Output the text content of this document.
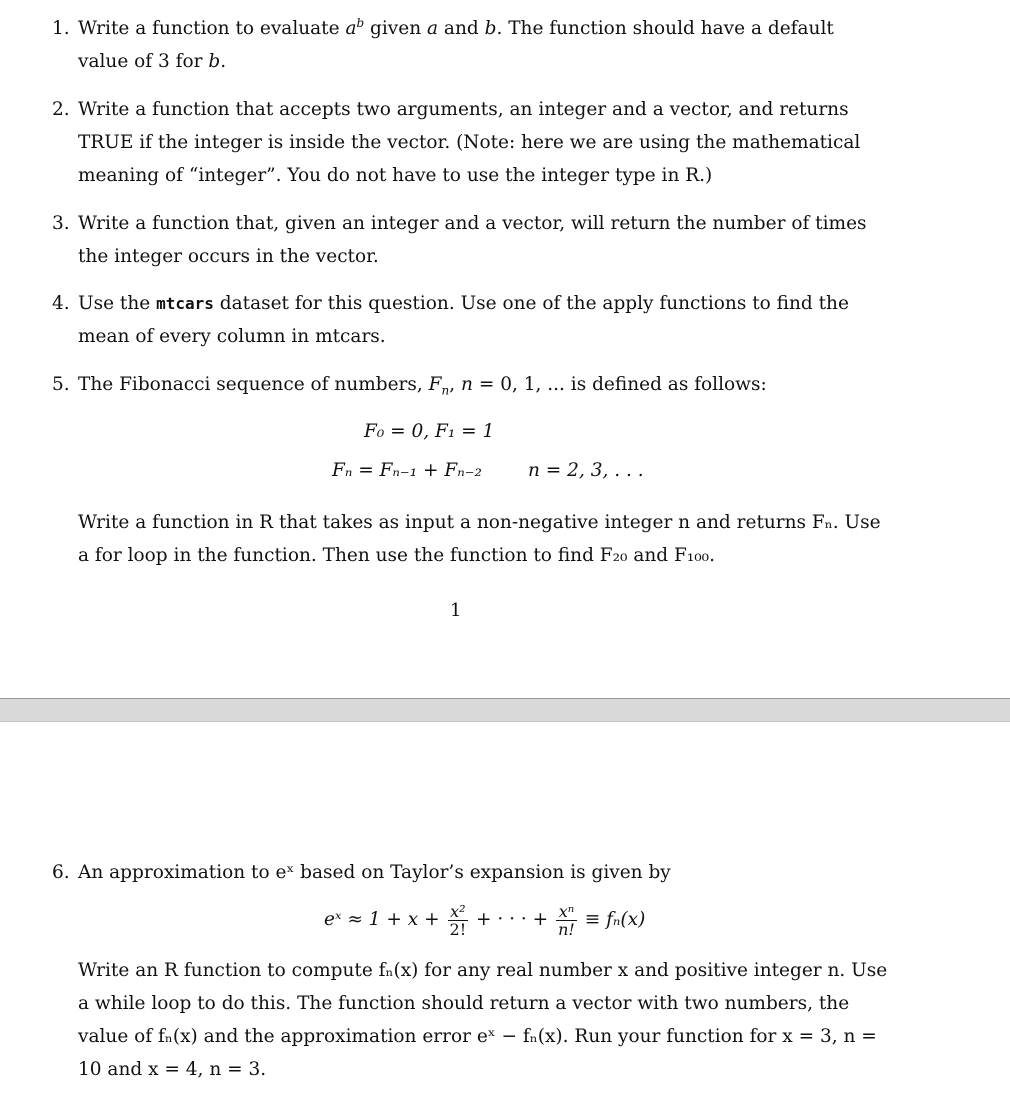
1. Write a function to evaluate $a^b$ given a and b. The function should have a default value of 3 for b.
2. Write a function that accepts two arguments, an integer and a vector, and returns TRUE if the integer is inside the vector. (Note: here we are using the mathematical meaning of “integer”. You do not have to use the integer type in R.)
3. Write a function that, given an integer and a vector, will return the number of times the integer occurs in the vector.
4. Use the mtcars dataset for this question. Use one of the apply functions to find the mean of every column in mtcars.
5. The Fibonacci sequence of numbers, $F_n$, n = 0, 1, ... is defined as follows:
F₀ = 0, F₁ = 1
Fₙ = Fₙ₋₁ + Fₙ₋₂ n = 2, 3, . . .
Write a function in R that takes as input a non-negative integer n and returns Fₙ. Use a for loop in the function. Then use the function to find F₂₀ and F₁₀₀.
1
6. An approximation to eˣ based on Taylor’s expansion is given by
eˣ ≈ $1 + x + \frac{\text{x²}}{2!}$ + · · · + $\frac{\text{xⁿ}}{n!} \equiv f_n(x)$
Write an R function to compute fₙ(x) for any real number x and positive integer n. Use a while loop to do this. The function should return a vector with two numbers, the value of fₙ(x) and the approximation error eˣ − fₙ(x). Run your function for x = 3, n = 10 and x = 4, n = 3.
